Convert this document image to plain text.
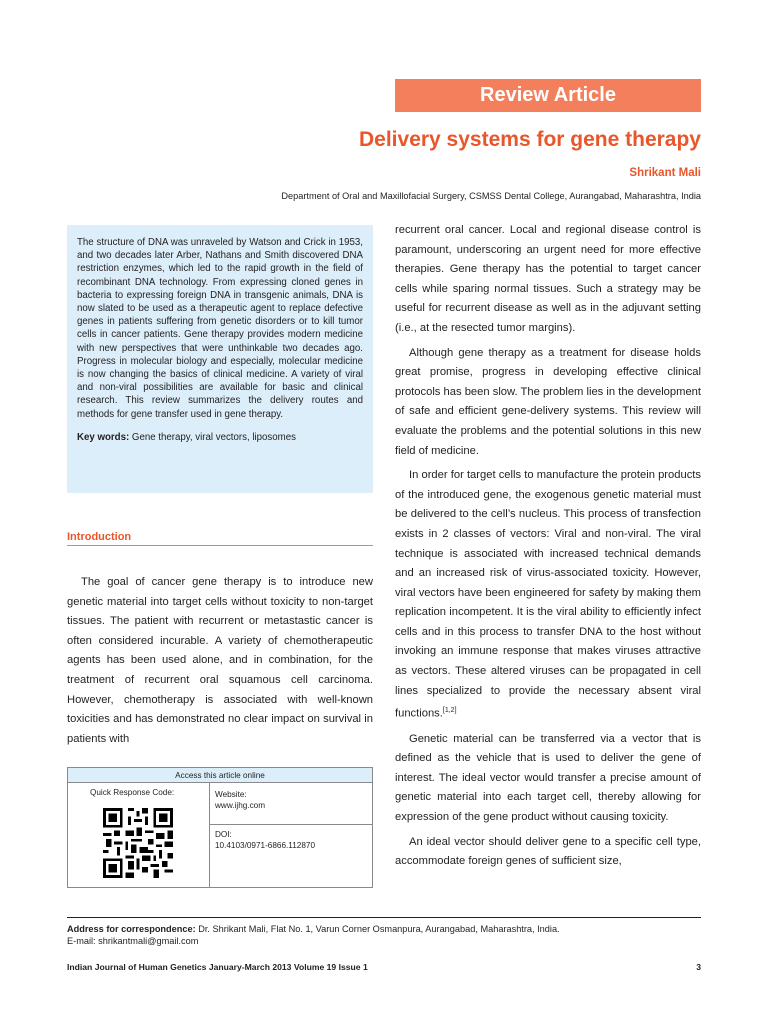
Review Article
Delivery systems for gene therapy
Shrikant Mali
Department of Oral and Maxillofacial Surgery, CSMSS Dental College, Aurangabad, Maharashtra, India
The structure of DNA was unraveled by Watson and Crick in 1953, and two decades later Arber, Nathans and Smith discovered DNA restriction enzymes, which led to the rapid growth in the field of recombinant DNA technology. From expressing cloned genes in bacteria to expressing foreign DNA in transgenic animals, DNA is now slated to be used as a therapeutic agent to replace defective genes in patients suffering from genetic disorders or to kill tumor cells in cancer patients. Gene therapy provides modern medicine with new perspectives that were unthinkable two decades ago. Progress in molecular biology and especially, molecular medicine is now changing the basics of clinical medicine. A variety of viral and non-viral possibilities are available for basic and clinical research. This review summarizes the delivery routes and methods for gene transfer used in gene therapy.
Key words: Gene therapy, viral vectors, liposomes
Introduction

The goal of cancer gene therapy is to introduce new genetic material into target cells without toxicity to non-target tissues. The patient with recurrent or metastastic cancer is often considered incurable. A variety of chemotherapeutic agents has been used alone, and in combination, for the treatment of recurrent oral squamous cell carcinoma. However, chemotherapy is associated with well-known toxicities and has demonstrated no clear impact on survival in patients with

recurrent oral cancer. Local and regional disease control is paramount, underscoring an urgent need for more effective therapies. Gene therapy has the potential to target cancer cells while sparing normal tissues. Such a strategy may be useful for recurrent disease as well as in the adjuvant setting (i.e., at the resected tumor margins).

Although gene therapy as a treatment for disease holds great promise, progress in developing effective clinical protocols has been slow. The problem lies in the development of safe and efficient gene-delivery systems. This review will evaluate the problems and the potential solutions in this new field of medicine.

In order for target cells to manufacture the protein products of the introduced gene, the exogenous genetic material must be delivered to the cell’s nucleus. This process of transfection exists in 2 classes of vectors: Viral and non-viral. The viral technique is associated with increased technical demands and an increased risk of virus-associated toxicity. However, viral vectors have been engineered for safety by making them replication incompetent. It is the viral ability to efficiently infect cells and in this process to transfer DNA to the host without invoking an immune response that makes viruses attractive as vectors. These altered viruses can be propagated in cell lines specialized to provide the necessary absent viral functions.[1,2]

Genetic material can be transferred via a vector that is defined as the vehicle that is used to deliver the gene of interest. The ideal vector would transfer a precise amount of genetic material into each target cell, thereby allowing for expression of the gene product without causing toxicity.

An ideal vector should deliver gene to a specific cell type, accommodate foreign genes of sufficient size,

Access this article online
Quick Response Code:	Website:
www.ijhg.com
DOI:
10.4103/0971-6866.112870
Address for correspondence: Dr. Shrikant Mali, Flat No. 1, Varun Corner Osmanpura, Aurangabad, Maharashtra, India.
E-mail: shrikantmali@gmail.com
Indian Journal of Human Genetics January-March 2013 Volume 19 Issue 1	3
